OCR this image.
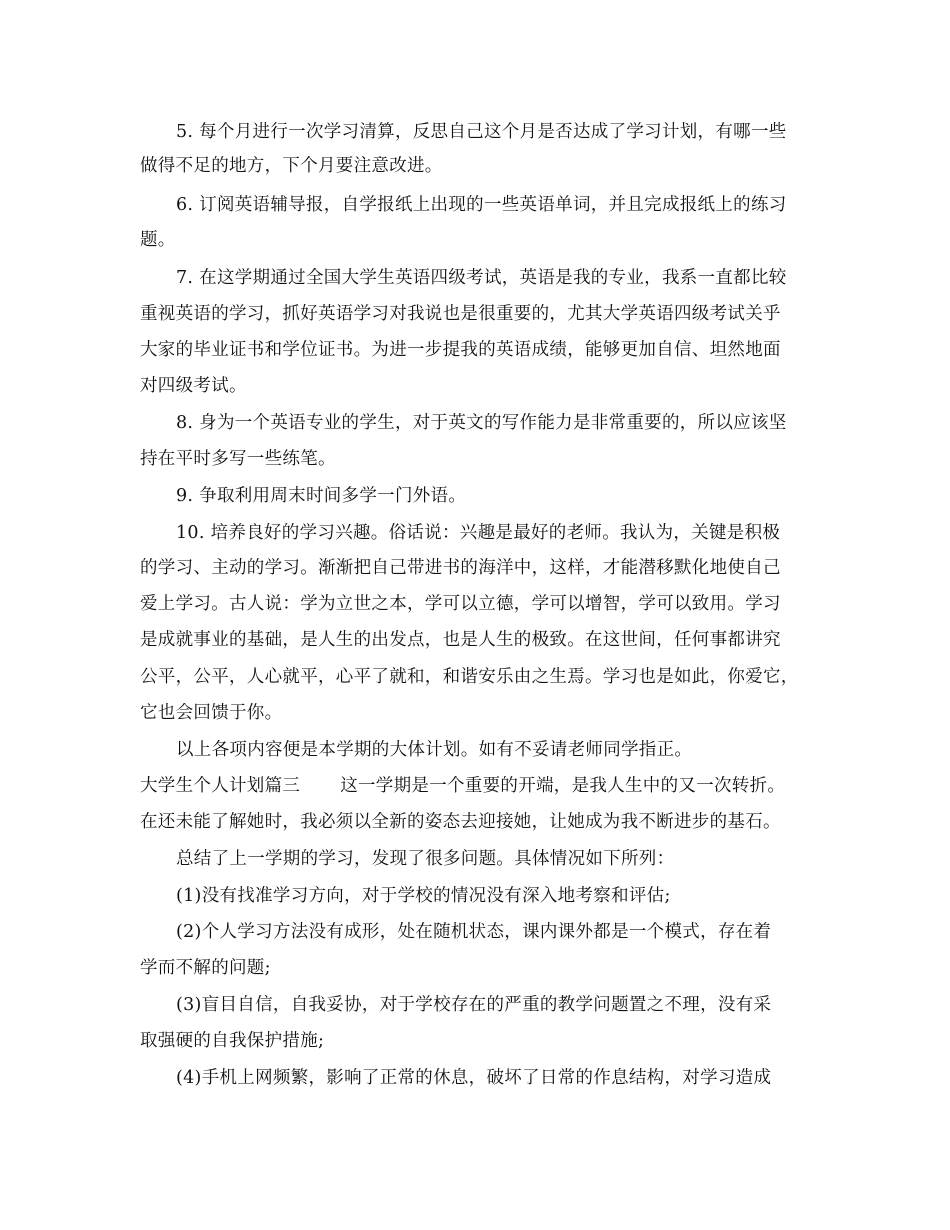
5. 每个月进行一次学习清算，反思自己这个月是否达成了学习计划，有哪一些
做得不足的地方，下个月要注意改进。
6. 订阅英语辅导报，自学报纸上出现的一些英语单词，并且完成报纸上的练习
题。
7. 在这学期通过全国大学生英语四级考试，英语是我的专业，我系一直都比较
重视英语的学习，抓好英语学习对我说也是很重要的，尤其大学英语四级考试关乎
大家的毕业证书和学位证书。为进一步提我的英语成绩，能够更加自信、坦然地面
对四级考试。
8. 身为一个英语专业的学生，对于英文的写作能力是非常重要的，所以应该坚
持在平时多写一些练笔。
9. 争取利用周末时间多学一门外语。
10. 培养良好的学习兴趣。俗话说：兴趣是最好的老师。我认为，关键是积极
的学习、主动的学习。渐渐把自己带进书的海洋中，这样，才能潜移默化地使自己
爱上学习。古人说：学为立世之本，学可以立德，学可以增智，学可以致用。学习
是成就事业的基础，是人生的出发点，也是人生的极致。在这世间，任何事都讲究
公平，公平，人心就平，心平了就和，和谐安乐由之生焉。学习也是如此，你爱它，
它也会回馈于你。
以上各项内容便是本学期的大体计划。如有不妥请老师同学指正。
大学生个人计划篇三 这一学期是一个重要的开端，是我人生中的又一次转折。
在还未能了解她时，我必须以全新的姿态去迎接她，让她成为我不断进步的基石。
总结了上一学期的学习，发现了很多问题。具体情况如下所列：
(1)没有找准学习方向，对于学校的情况没有深入地考察和评估;
(2)个人学习方法没有成形，处在随机状态，课内课外都是一个模式，存在着
学而不解的问题;
(3)盲目自信，自我妥协，对于学校存在的严重的教学问题置之不理，没有采
取强硬的自我保护措施;
(4)手机上网频繁，影响了正常的休息，破坏了日常的作息结构，对学习造成
